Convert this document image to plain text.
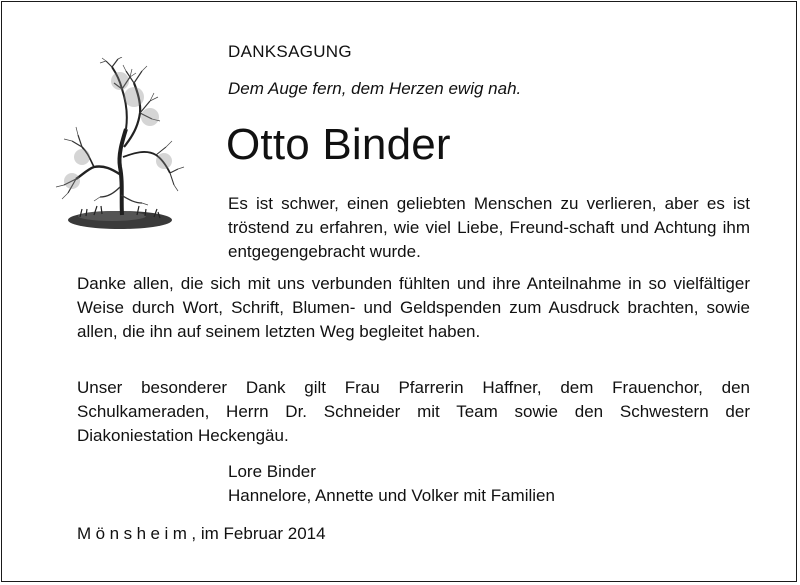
DANKSAGUNG
Dem Auge fern, dem Herzen ewig nah.
Otto Binder
Es ist schwer, einen geliebten Menschen zu verlieren, aber es ist tröstend zu erfahren, wie viel Liebe, Freund-schaft und Achtung ihm entgegengebracht wurde.
Danke allen, die sich mit uns verbunden fühlten und ihre Anteilnahme in so vielfältiger Weise durch Wort, Schrift, Blumen- und Geldspenden zum Ausdruck brachten, sowie allen, die ihn auf seinem letzten Weg begleitet haben.
Unser besonderer Dank gilt Frau Pfarrerin Haffner, dem Frauenchor, den Schulkameraden, Herrn Dr. Schneider mit Team sowie den Schwestern der Diakoniestation Heckengäu.
Lore Binder
Hannelore, Annette und Volker mit Familien
Mönsheim, im Februar 2014
